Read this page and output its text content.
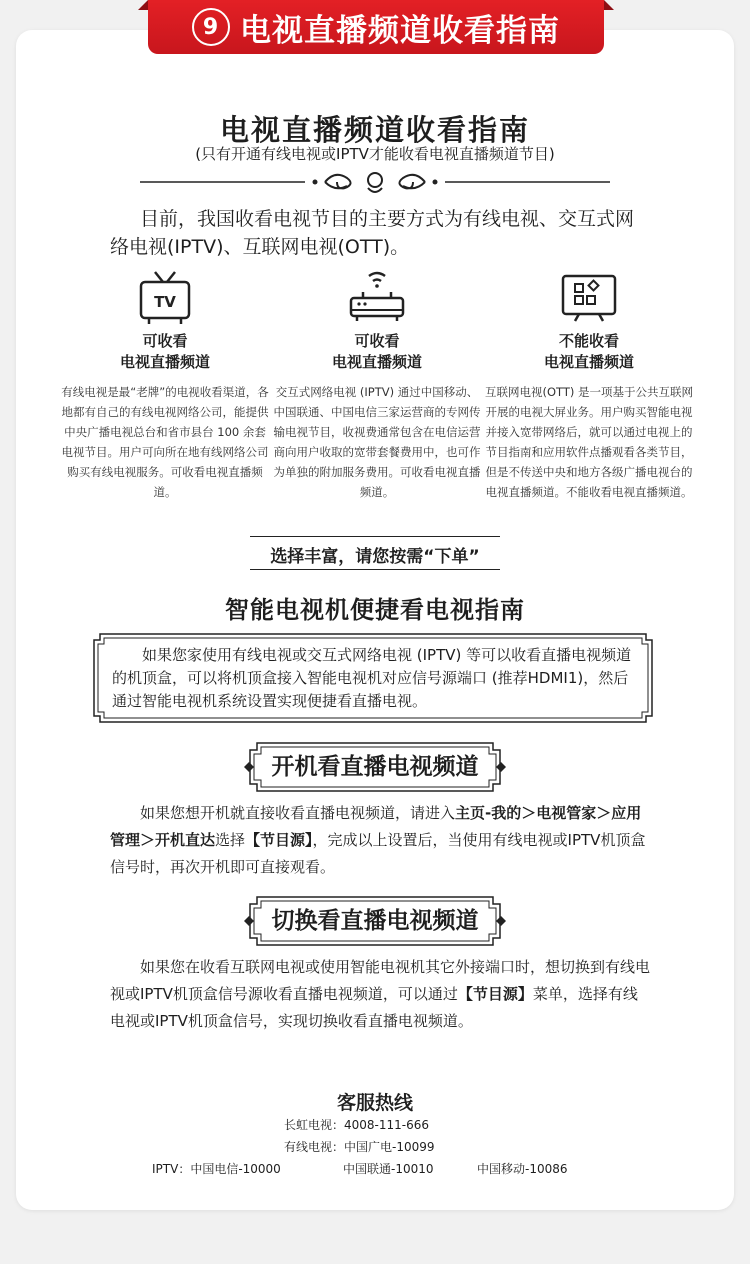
9 电视直播频道收看指南
电视直播频道收看指南
(只有开通有线电视或IPTV才能收看电视直播频道节目)
目前，我国收看电视节目的主要方式为有线电视、交互式网络电视(IPTV)、互联网电视(OTT)。
TV
可收看
电视直播频道
有线电视是最“老牌”的电视收看渠道，各地都有自己的有线电视网络公司，能提供中央广播电视总台和省市县台 100 余套电视节目。用户可向所在地有线网络公司购买有线电视服务。可收看电视直播频道。
可收看
电视直播频道
交互式网络电视 (IPTV) 通过中国移动、中国联通、中国电信三家运营商的专网传输电视节目，收视费通常包含在电信运营商向用户收取的宽带套餐费用中，也可作为单独的附加服务费用。可收看电视直播频道。
不能收看
电视直播频道
互联网电视(OTT) 是一项基于公共互联网开展的电视大屏业务。用户购买智能电视并接入宽带网络后，就可以通过电视上的节目指南和应用软件点播观看各类节目，但是不传送中央和地方各级广播电视台的电视直播频道。不能收看电视直播频道。
选择丰富，请您按需“下单”
智能电视机便捷看电视指南
如果您家使用有线电视或交互式网络电视 (IPTV) 等可以收看直播电视频道的机顶盒，可以将机顶盒接入智能电视机对应信号源端口 (推荐HDMI1)，然后通过智能电视机系统设置实现便捷看直播电视。
开机看直播电视频道
如果您想开机就直接收看直播电视频道，请进入主页-我的＞电视管家＞应用管理＞开机直达选择【节目源】，完成以上设置后，当使用有线电视或IPTV机顶盒信号时，再次开机即可直接观看。
切换看直播电视频道
如果您在收看互联网电视或使用智能电视机其它外接端口时，想切换到有线电视或IPTV机顶盒信号源收看直播电视频道，可以通过【节目源】菜单，选择有线电视或IPTV机顶盒信号，实现切换收看直播电视频道。
客服热线
长虹电视：4008-111-666
有线电视：中国广电-10099
IPTV：中国电信-10000	中国联通-10010	中国移动-10086
